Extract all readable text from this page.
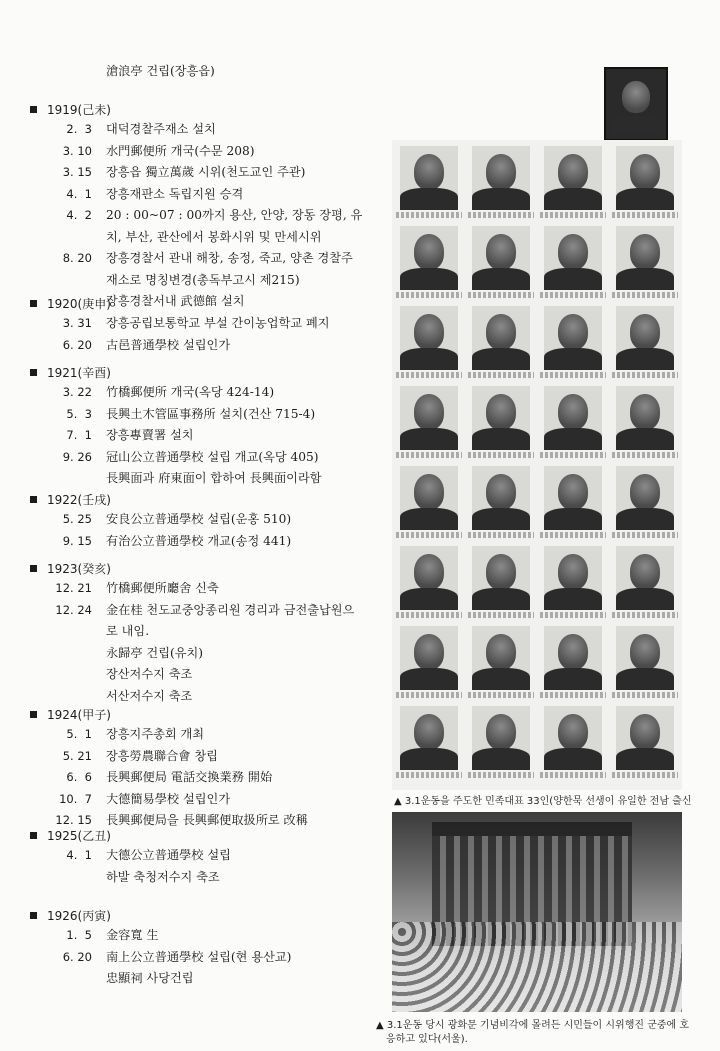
滄浪亭 건립(장흥읍)
1919(己未)
2.  3	대덕경찰주재소 설치
3. 10	水門郵便所 개국(수문 208)
3. 15	장흥읍 獨立萬歲 시위(천도교인 주관)
4.  1	장흥재판소 독립지원 승격
4.  2	20 : 00~07 : 00까지 용산, 안양, 장동 장평, 유
치, 부산, 관산에서 봉화시위 및 만세시위
8. 20	장흥경찰서 관내 해창, 송정, 죽교, 양촌 경찰주
재소로 명칭변경(총독부고시 제215)
장흥경찰서내 武德館 설치
1920(庚申)
3. 31	장흥공립보통학교 부설 간이농업학교 폐지
6. 20	古邑普通學校 설립인가
1921(辛酉)
3. 22	竹橋郵便所 개국(옥당 424-14)
5.  3	長興土木管區事務所 설치(건산 715-4)
7.  1	장흥專賣署 설치
9. 26	冠山公立普通學校 설립 개교(옥당 405)
長興面과 府東面이 합하여 長興面이라함
1922(壬戌)
5. 25	安良公立普通學校 설립(운홍 510)
9. 15	有治公立普通學校 개교(송정 441)
1923(癸亥)
12. 21	竹橋郵便所廳舍 신축
12. 24	金在桂 천도교중앙종리원 경리과 금전출납원으
로 내임.
永歸亭 건립(유치)
장산저수지 축조
서산저수지 축조
1924(甲子)
5.  1	장흥지주총회 개최
5. 21	장흥勞農聯合會 창립
6.  6	長興郵便局 電話交換業務 開始
10.  7	大德簡易學校 설립인가
12. 15	長興郵便局을 長興郵便取扱所로 改稱
1925(乙丑)
4.  1	大德公立普通學校 설립
하발 축청저수지 축조
1926(丙寅)
1.  5	金容寬 生
6. 20	南上公立普通學校 설립(현 용산교)
忠顯祠 사당건립
▲ 3.1운동을 주도한 민족대표 33인(양한묵 선생이 유일한 전남 출신
▲ 3.1운동 당시 광화문 기념비각에 몰려든 시민들이 시위행진 군중에 호
응하고 있다(서울).
